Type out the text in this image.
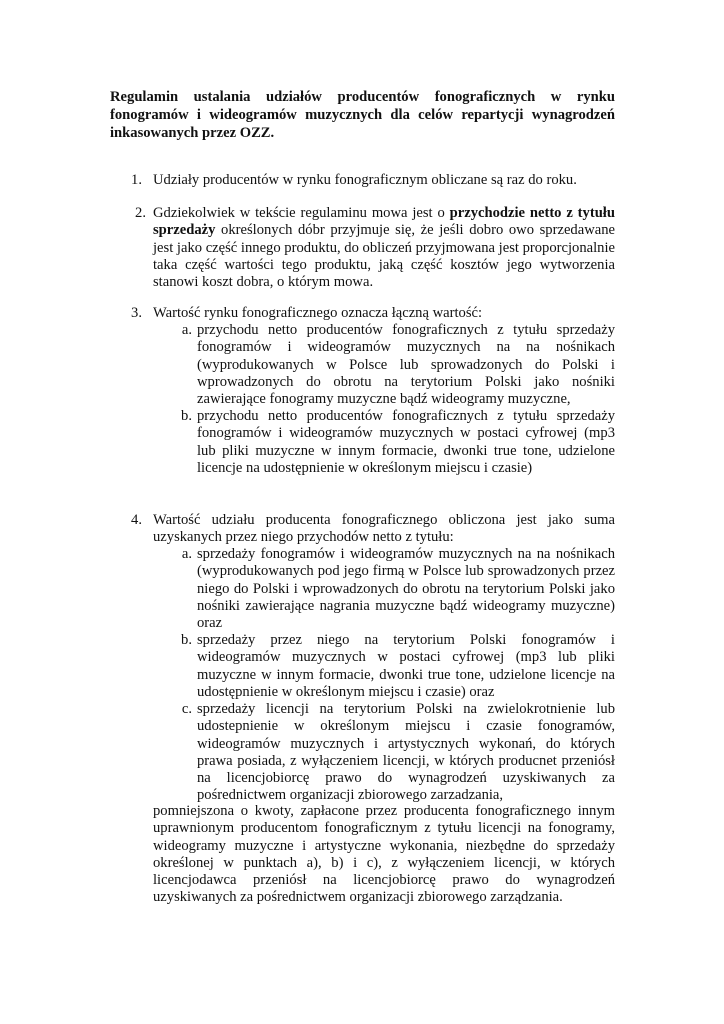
Regulamin ustalania udziałów producentów fonograficznych w rynku fonogramów i wideogramów muzycznych dla celów repartycji wynagrodzeń inkasowanych przez OZZ.

1. Udziały producentów w rynku fonograficznym obliczane są raz do roku.
2. Gdziekolwiek w tekście regulaminu mowa jest o przychodzie netto z tytułu sprzedaży określonych dóbr przyjmuje się, że jeśli dobro owo sprzedawane jest jako część innego produktu, do obliczeń przyjmowana jest proporcjonalnie taka część wartości tego produktu, jaką część kosztów jego wytworzenia stanowi koszt dobra, o którym mowa.
3. Wartość rynku fonograficznego oznacza łączną wartość:
a. przychodu netto producentów fonograficznych z tytułu sprzedaży fonogramów i wideogramów muzycznych na na nośnikach (wyprodukowanych w Polsce lub sprowadzonych do Polski i wprowadzonych do obrotu na terytorium Polski jako nośniki zawierające fonogramy muzyczne bądź wideogramy muzyczne,
b. przychodu netto producentów fonograficznych z tytułu sprzedaży fonogramów i wideogramów muzycznych w postaci cyfrowej (mp3 lub pliki muzyczne w innym formacie, dwonki true tone, udzielone licencje na udostępnienie w określonym miejscu i czasie)
4. Wartość udziału producenta fonograficznego obliczona jest jako suma uzyskanych przez niego przychodów netto z tytułu:
a. sprzedaży fonogramów i wideogramów muzycznych na na nośnikach (wyprodukowanych pod jego firmą w Polsce lub sprowadzonych przez niego do Polski i wprowadzonych do obrotu na terytorium Polski jako nośniki zawierające nagrania muzyczne bądź wideogramy muzyczne) oraz
b. sprzedaży przez niego na terytorium Polski fonogramów i wideogramów muzycznych w postaci cyfrowej (mp3 lub pliki muzyczne w innym formacie, dwonki true tone, udzielone licencje na udostępnienie w określonym miejscu i czasie) oraz
c. sprzedaży licencji na terytorium Polski na zwielokrotnienie lub udostepnienie w określonym miejscu i czasie fonogramów, wideogramów muzycznych i artystycznych wykonań, do których prawa posiada, z wyłączeniem licencji, w których producnet przeniósł na licencjobiorcę prawo do wynagrodzeń uzyskiwanych za pośrednictwem organizacji zbiorowego zarzadzania,
pomniejszona o kwoty, zapłacone przez producenta fonograficznego innym uprawnionym producentom fonograficznym z tytułu licencji na fonogramy, wideogramy muzyczne i artystyczne wykonania, niezbędne do sprzedaży określonej w punktach a), b) i c), z wyłączeniem licencji, w których licencjodawca przeniósł na licencjobiorcę prawo do wynagrodzeń uzyskiwanych za pośrednictwem organizacji zbiorowego zarządzania.
